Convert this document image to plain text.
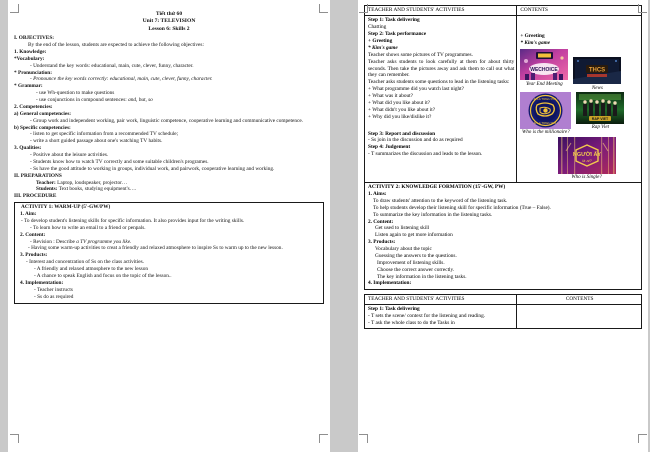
Tiết thứ 60
Unit 7: TELEVISION
Lesson 6: Skills 2

I. OBJECTIVES:

By the end of the lesson, students are expected to achieve the following objectives:

1. Knowledge:

*Vocabulary:

- Understand the key words: educational, main, cute, clever, funny, character.

* Pronunciation:

- Pronounce the key words correctly: educational, main, cute, clever, funny, character.

* Grammar:

- use Wh-question to make questions

- use conjunctions in compound sentences: and, but, so

2. Competencies:

a) General competencies:

- Group work and independent working, pair work, linguistic competence, cooperative learning and communicative competence.

b) Specific competencies:

- listen to get specific information from a recommended TV schedule;

- write a short guided passage about one's watching TV habits.

3. Qualities:

- Positive about the leisure activities.

- Students know how to watch TV correctly and some suitable children's programes.

- Ss have the good attitude to working in groups, individual work, and pairwork, cooperative learning and working.

II. PREPARATIONS

Teacher: Laptop, loudspeaker, projector…

Students: Text books, studying equipment's….

III. PROCEDURE

ACTIVITY 1: WARM-UP (5'-GW/PW)

1. Aim:

- To develop student's listening skills for specific information. It also provides input for the writing skills.

- To learn how to write an email to a friend or penpals.

2. Content:

- Revision : Describe a TV programme you like.

- Having some warm-up activities to creat a friendly and relaxed atmosphere to inspire Ss to warm up to the new lesson.

3. Products:

- Interest and concentration of Ss on the class activities.

- A friendly and relaxed atmosphere to the new lesson

- A chance to speak English and focus on the topic of the lesson..

4. Implementation:

- Teacher instructs

- Ss do as required

TEACHER AND STUDENTS' ACTIVITIES	CONTENTS

Step 1: Task delivering

Chatting

Step 2: Task performance

+ Greeting

* Kim's game

Teacher shows some pictures of TV programmes.

Teacher asks students to look carefully at them for about thirty seconds. Then take the pictures away and ask them to call out what they can remember.

Teacher asks students some questions to lead in the listening tasks:

+ What programme did you watch last night?

+ What was it about?

+ What did you like about it?

+ What didn't you like about it?

+ Why did you like/dislike it?

Step 3: Report and discussion

- Ss join in the discussion and do as required

Step 4: Judgement

- T summarizes the discussion and leads to the lesson.

+ Greeting

* Kim's game

WECHOICE
Year End Meeting
THCS
News
AI LA TRIEU PHU
AI LA TRIEU PHU
Who is the millionaire?
RAP VIET
Rap Viet
NGƯỜI ẤY
là ai?
Who is Single?

ACTIVITY 2: KNOWLEDGE FORMATION (15'-GW, PW)

1. Aims:

To draw students' attention to the keyword of the listening task.

To help students develop their listening skill for specific information (True – False).

To summarize the key information in the listening tasks.

2. Content:

Get used to listening skill

Listen again to get more information

3. Products:

Vocabulary about the topic

Guessing the answers to the questions.

Improvement of listening skills.

Choose the correct answer correctly.

The key information in the listening tasks.

4. Implementation:

TEACHER AND STUDENTS' ACTIVITIES	CONTENTS

Step 1: Task delivering

- T sets the scene/ context for the listening and reading.

- T ask the whole class to do the Tasks in	
